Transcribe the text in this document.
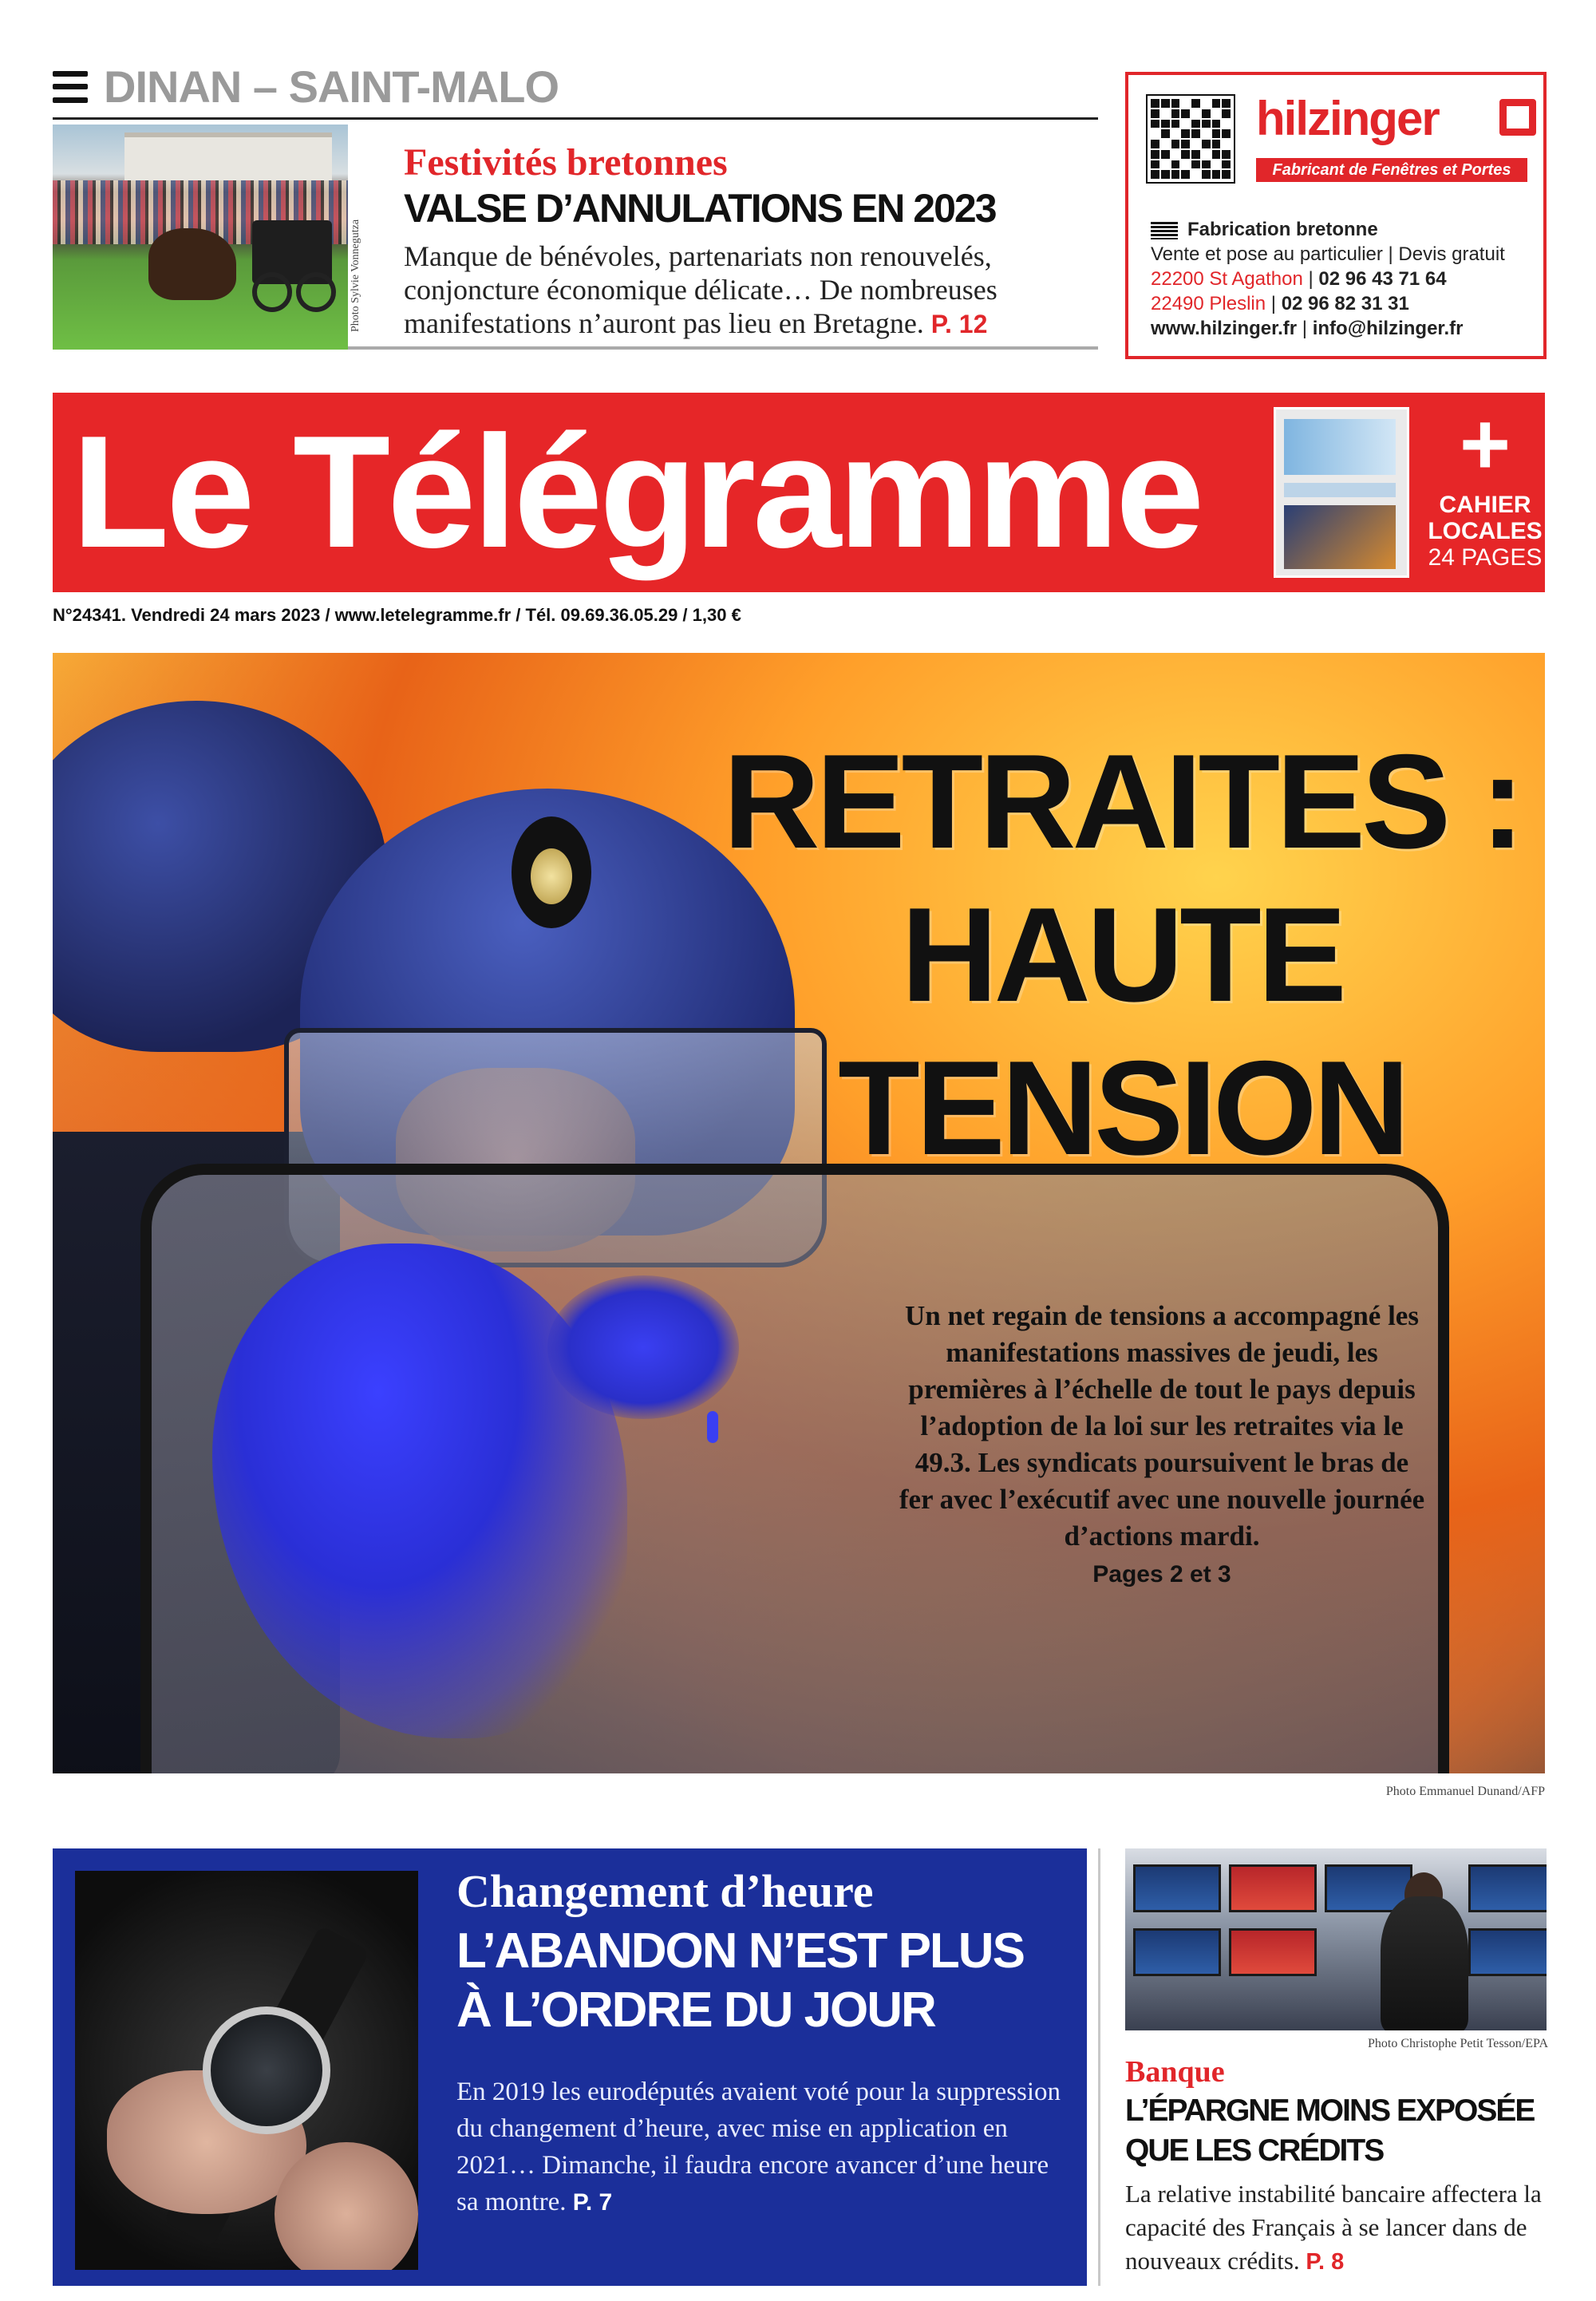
DINAN – SAINT-MALO
Photo Sylvie Vonnegutza
Festivités bretonnes
VALSE D’ANNULATIONS EN 2023
Manque de bénévoles, partenariats non renouvelés, conjoncture économique délicate… De nombreuses manifestations n’auront pas lieu en Bretagne. P. 12
hilzinger
Fabricant de Fenêtres et Portes
Fabrication bretonne
Vente et pose au particulier | Devis gratuit
22200 St Agathon | 02 96 43 71 64
22490 Pleslin | 02 96 82 31 31
www.hilzinger.fr | info@hilzinger.fr
Le Télégramme	+
CAHIER
LOCALES
24 PAGES
N°24341. Vendredi 24 mars 2023 / www.letelegramme.fr / Tél. 09.69.36.05.29 / 1,30 €
RETRAITES :
HAUTE
TENSION
Un net regain de tensions a accompagné les manifestations massives de jeudi, les premières à l’échelle de tout le pays depuis l’adoption de la loi sur les retraites via le 49.3. Les syndicats poursuivent le bras de fer avec l’exécutif avec une nouvelle journée d’actions mardi.
Pages 2 et 3
Photo Emmanuel Dunand/AFP
Changement d’heure
L’ABANDON N’EST PLUS À L’ORDRE DU JOUR
En 2019 les eurodéputés avaient voté pour la suppression du changement d’heure, avec mise en application en 2021… Dimanche, il faudra encore avancer d’une heure sa montre. P. 7
Photo Christophe Petit Tesson/EPA
Banque
L’ÉPARGNE MOINS EXPOSÉE QUE LES CRÉDITS
La relative instabilité bancaire affectera la capacité des Français à se lancer dans de nouveaux crédits. P. 8
